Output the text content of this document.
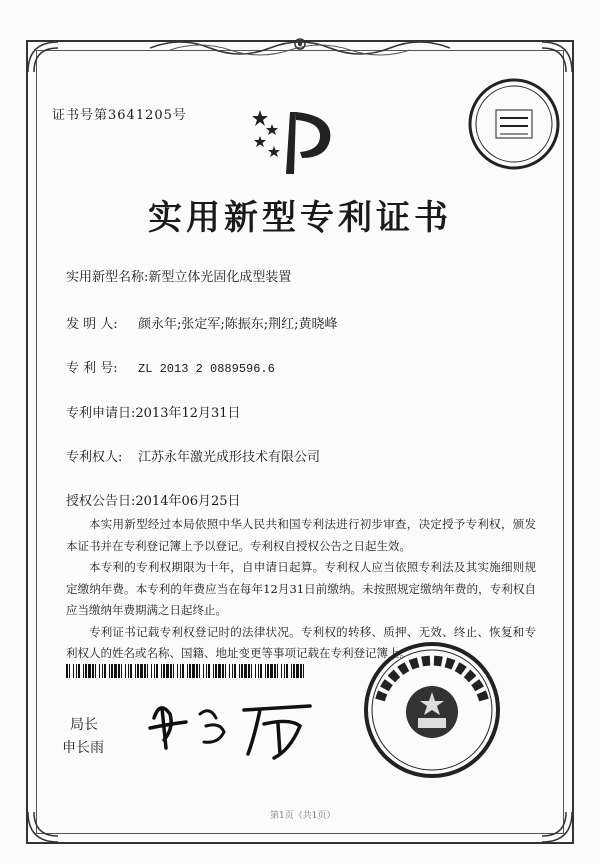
证书号第3641205号
实用新型专利证书
实用新型名称:新型立体光固化成型装置
发 明 人: 颜永年;张定军;陈振东;荆红;黄晓峰
专 利 号: ZL 2013 2 0889596.6
专利申请日:2013年12月31日
专利权人: 江苏永年激光成形技术有限公司
授权公告日:2014年06月25日

本实用新型经过本局依照中华人民共和国专利法进行初步审查，决定授予专利权，颁发本证书并在专利登记簿上予以登记。专利权自授权公告之日起生效。

本专利的专利权期限为十年，自申请日起算。专利权人应当依照专利法及其实施细则规定缴纳年费。本专利的年费应当在每年12月31日前缴纳。未按照规定缴纳年费的，专利权自应当缴纳年费期满之日起终止。

专利证书记载专利权登记时的法律状况。专利权的转移、质押、无效、终止、恢复和专利权人的姓名或名称、国籍、地址变更等事项记载在专利登记簿上。

局长
申长雨
第1页（共1页）
